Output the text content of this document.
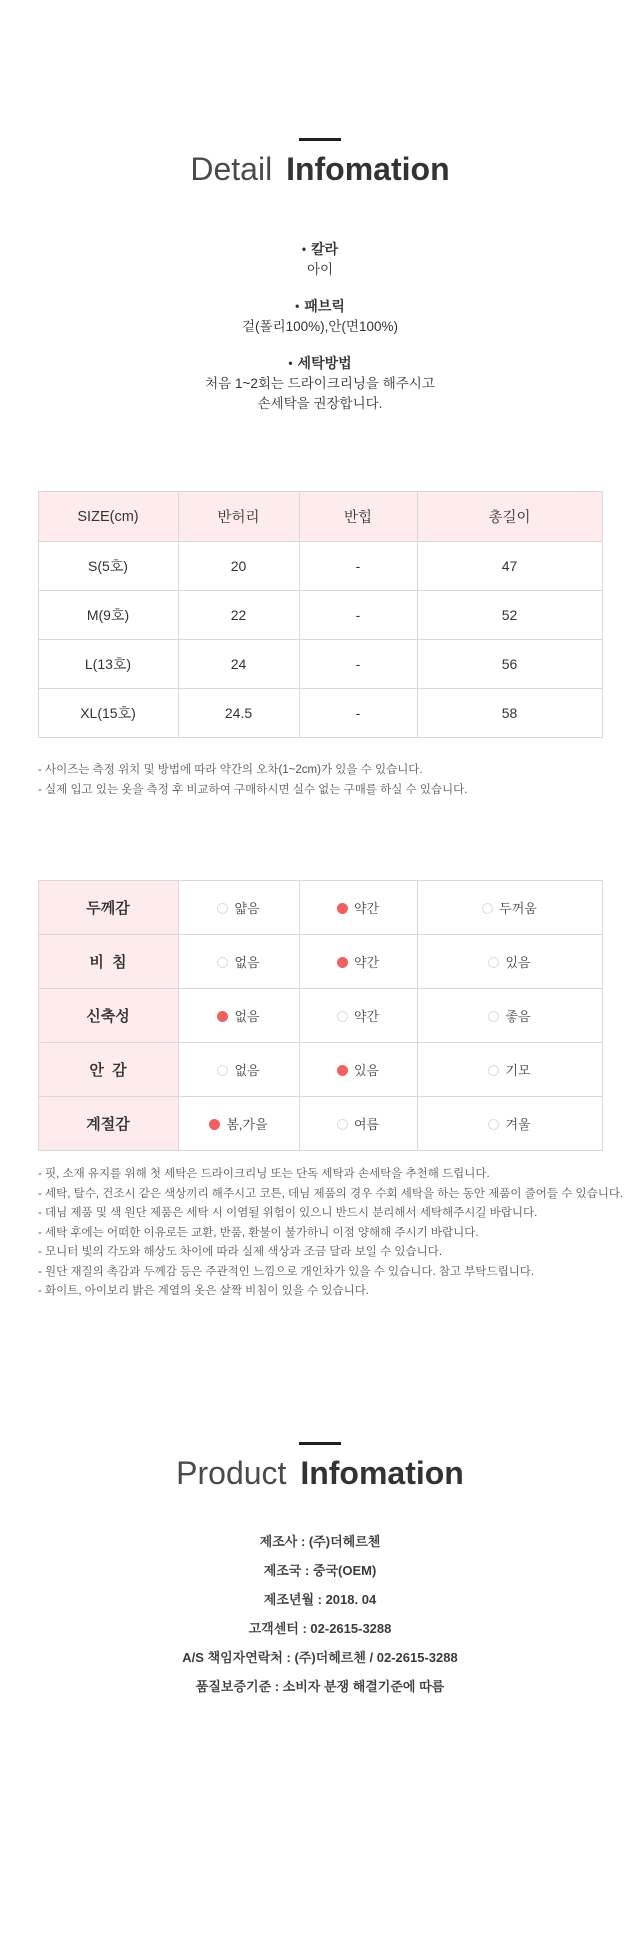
Detail Infomation
• 칼라
아이
• 패브릭
겉(폴리100%),안(면100%)
• 세탁방법
처음 1~2회는 드라이크리닝을 해주시고
손세탁을 권장합니다.
SIZE(cm)	반허리	반힙	총길이
S(5호)	20	-	47
M(9호)	22	-	52
L(13호)	24	-	56
XL(15호)	24.5	-	58
- 사이즈는 측정 위치 및 방법에 따라 약간의 오차(1~2cm)가 있을 수 있습니다.
- 실제 입고 있는 옷을 측정 후 비교하여 구매하시면 실수 없는 구매를 하실 수 있습니다.
두께감	얇음	약간	두꺼움
비  침	없음	약간	있음
신축성	없음	약간	좋음
안  감	없음	있음	기모
계절감	봄,가을	여름	겨울
- 핏, 소재 유지를 위해 첫 세탁은 드라이크리닝 또는 단독 세탁과 손세탁을 추천해 드립니다.
- 세탁, 탈수, 건조시 같은 색상끼리 해주시고 코튼, 데님 제품의 경우 수회 세탁을 하는 동안 제품이 줄어들 수 있습니다.
- 데님 제품 및 색 원단 제품은 세탁 시 이염될 위험이 있으니 반드시 분리해서 세탁해주시길 바랍니다.
- 세탁 후에는 어떠한 이유로든 교환, 반품, 환불이 불가하니 이점 양해해 주시기 바랍니다.
- 모니터 빛의 각도와 해상도 차이에 따라 실제 색상과 조금 달라 보일 수 있습니다.
- 원단 재질의 촉감과 두께감 등은 주관적인 느낌으로 개인차가 있을 수 있습니다. 참고 부탁드립니다.
- 화이트, 아이보리 밝은 계열의 옷은 살짝 비침이 있을 수 있습니다.
Product Infomation
제조사 : (주)더헤르첸
제조국 : 중국(OEM)
제조년월 : 2018. 04
고객센터 : 02-2615-3288
A/S 책임자연락처 : (주)더헤르첸 / 02-2615-3288
품질보증기준 : 소비자 분쟁 해결기준에 따름
